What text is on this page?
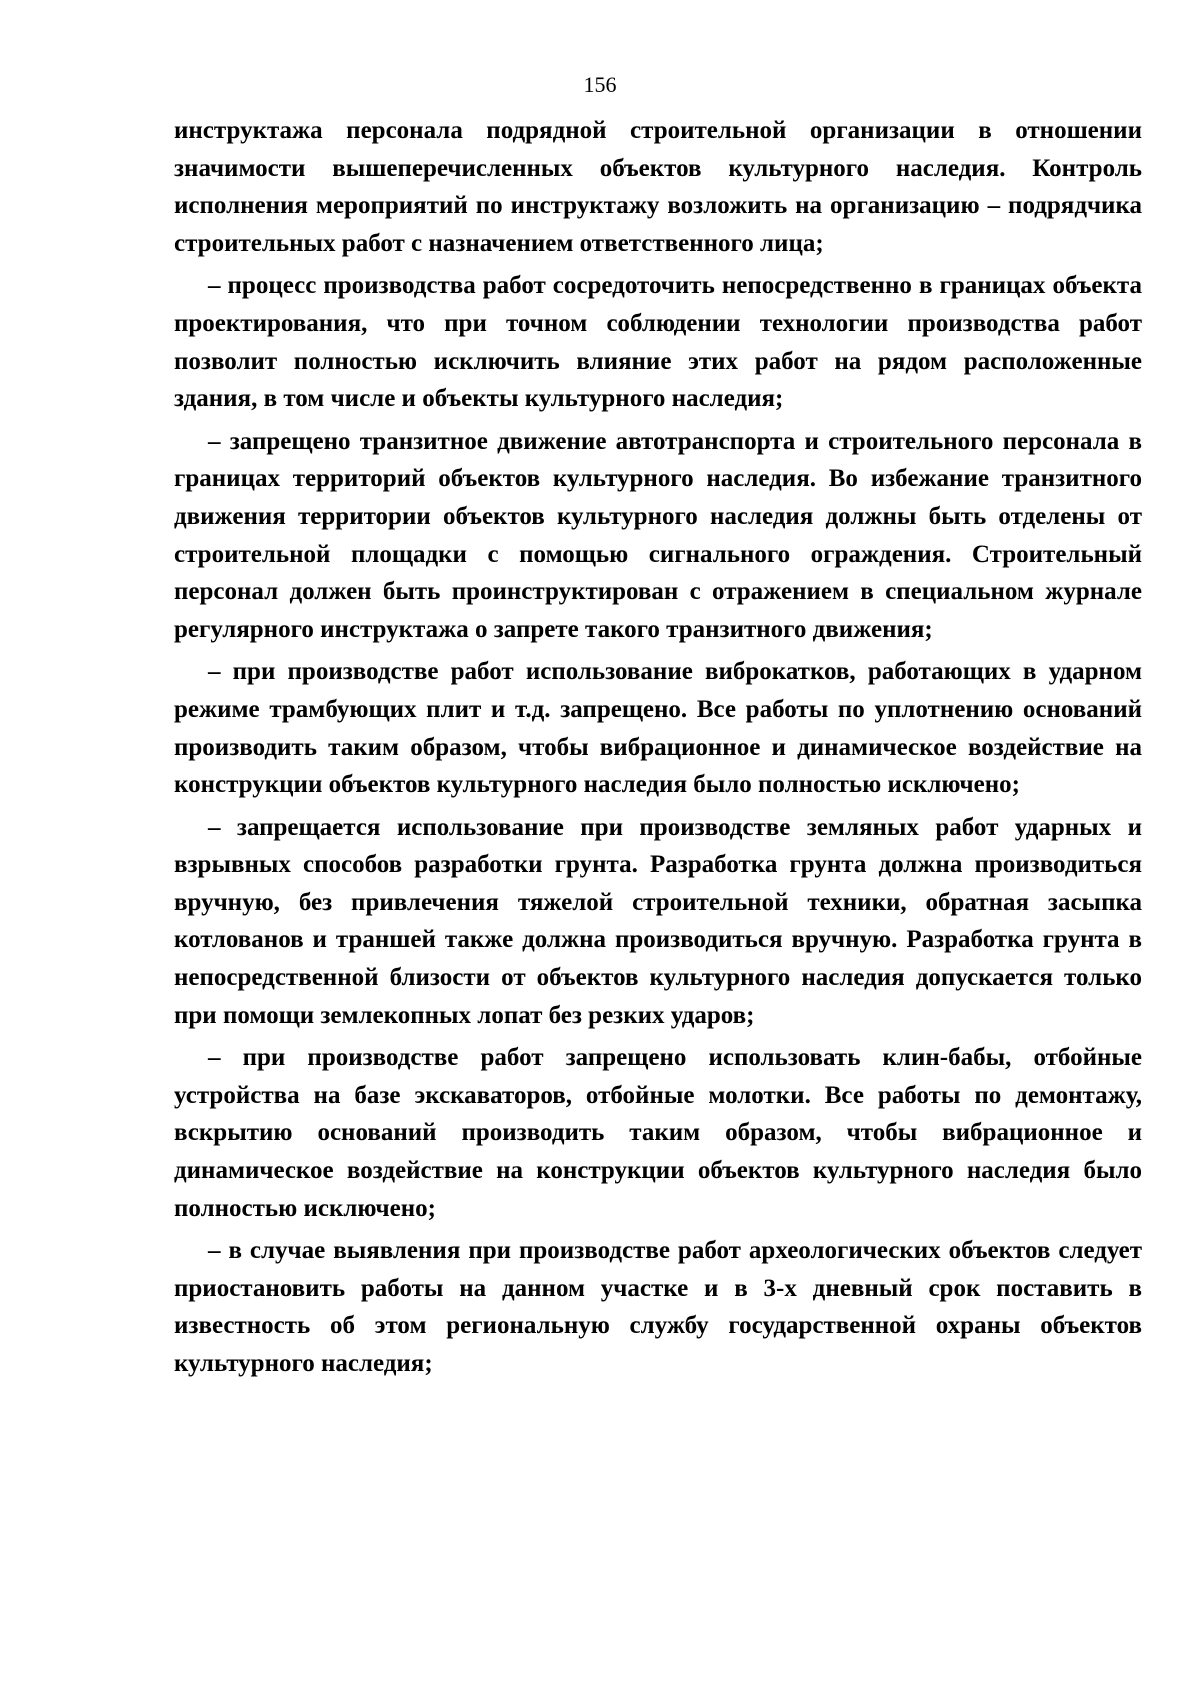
156

инструктажа персонала подрядной строительной организации в отношении значимости вышеперечисленных объектов культурного наследия. Контроль исполнения мероприятий по инструктажу возложить на организацию – подрядчика строительных работ с назначением ответственного лица;

– процесс производства работ сосредоточить непосредственно в границах объекта проектирования, что при точном соблюдении технологии производства работ позволит полностью исключить влияние этих работ на рядом расположенные здания, в том числе и объекты культурного наследия;

– запрещено транзитное движение автотранспорта и строительного персонала в границах территорий объектов культурного наследия. Во избежание транзитного движения территории объектов культурного наследия должны быть отделены от строительной площадки с помощью сигнального ограждения. Строительный персонал должен быть проинструктирован с отражением в специальном журнале регулярного инструктажа о запрете такого транзитного движения;

– при производстве работ использование виброкатков, работающих в ударном режиме трамбующих плит и т.д. запрещено. Все работы по уплотнению оснований производить таким образом, чтобы вибрационное и динамическое воздействие на конструкции объектов культурного наследия было полностью исключено;

– запрещается использование при производстве земляных работ ударных и взрывных способов разработки грунта. Разработка грунта должна производиться вручную, без привлечения тяжелой строительной техники, обратная засыпка котлованов и траншей также должна производиться вручную. Разработка грунта в непосредственной близости от объектов культурного наследия допускается только при помощи землекопных лопат без резких ударов;

– при производстве работ запрещено использовать клин-бабы, отбойные устройства на базе экскаваторов, отбойные молотки. Все работы по демонтажу, вскрытию оснований производить таким образом, чтобы вибрационное и динамическое воздействие на конструкции объектов культурного наследия было полностью исключено;

– в случае выявления при производстве работ археологических объектов следует приостановить работы на данном участке и в 3-х дневный срок поставить в известность об этом региональную службу государственной охраны объектов культурного наследия;
